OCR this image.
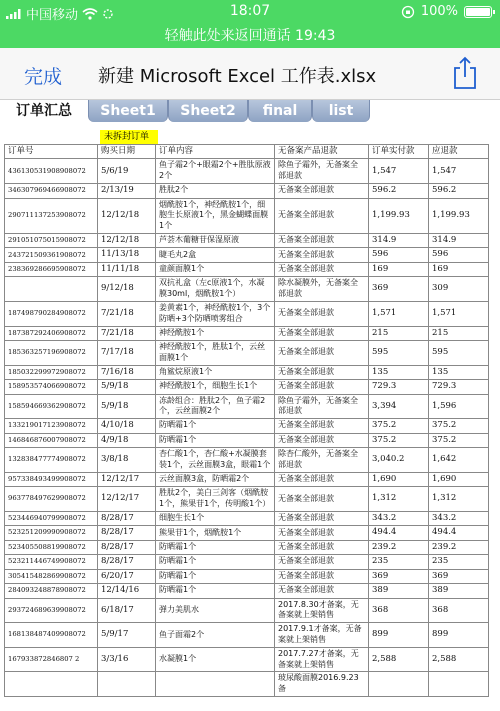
中国移动	18:07	100%
轻触此处来返回通话 19:43
完成 新建 Microsoft Excel 工作表.xlsx
订单汇总	Sheet1	Sheet2	final	list
未拆封订单
订单号	购买日期	订单内容	无备案产品退款	订单实付款	应退款
436130531908908072	5/6/19	鱼子霜2个+眼霜2个+胜肽原液2个	除鱼子霜外，无备案全部退款	1,547	1,547
346307969466908072	2/13/19	胜肽2个	无备案全部退款	596.2	596.2
290711137253908072	12/12/18	烟酰胺1个，神经酰胺1个，细胞生长原液1个，黑金蝴蝶面膜1个	无备案全部退款	1,199.93	1,199.93
291051075015908072	12/12/18	芦荟木葡糖苷保湿原液	无备案全部退款	314.9	314.9
243721509361908072	11/13/18	睫毛丸2盒	无备案全部退款	596	596
238369286695908072	11/11/18	童颜面膜1个	无备案全部退款	169	169
	9/12/18	双抗礼盒（左c原液1个，水凝膜30ml，烟酰胺1个）	除水凝膜外，无备案全部退款	369	309
187498790284908072	7/21/18	姜黄素1个，神经酰胺1个，3个防晒+3个防晒喷雾组合	无备案全部退款	1,571	1,571
187387292406908072	7/21/18	神经酰胺1个	无备案全部退款	215	215
185363257196908072	7/17/18	神经酰胺1个，胜肽1个，云丝面膜1个	无备案全部退款	595	595
185032299972908072	7/16/18	角鲨烷原液1个	无备案全部退款	135	135
158953574066908072	5/9/18	神经酰胺1个，细胞生长1个	无备案全部退款	729.3	729.3
158594669362908072	5/9/18	冻龄组合：胜肽2个，鱼子霜2个，云丝面膜2个	除鱼子霜外，无备案全部退款	3,394	1,596
133219017123908072	4/10/18	防晒霜1个	无备案全部退款	375.2	375.2
146846876007908072	4/9/18	防晒霜1个	无备案全部退款	375.2	375.2
132838477774908072	3/8/18	杏仁酸1个，杏仁酸+水凝膜套装1个，云丝面膜3盒，眼霜1个	除杏仁酸外，无备案全部退款	3,040.2	1,642
957338493499908072	12/12/17	云丝面膜3盒，防晒霜2个	无备案全部退款	1,690	1,690
963778497629908072	12/12/17	胜肽2个，美白三剑客（烟酰胺1个，熊果苷1个，传明酸1个）	无备案全部退款	1,312	1,312
523446940799908072	8/28/17	细胞生长1个	无备案全部退款	343.2	343.2
523251209990908072	8/28/17	熊果苷1个，烟酰胺1个	无备案全部退款	494.4	494.4
523405508819908072	8/28/17	防晒霜1个	无备案全部退款	239.2	239.2
523211446749908072	8/28/17	防晒霜1个	无备案全部退款	235	235
305415482869908072	6/20/17	防晒霜1个	无备案全部退款	369	369
284093248878908072	12/14/16	防晒霜1个	无备案全部退款	389	389
293724689639908072	6/18/17	弹力美肌水	2017.8.30才备案，无备案就上架销售	368	368
168138487409908072	5/9/17	鱼子面霜2个	2017.9.1才备案，无备案就上架销售	899	899
167933872846807 2	3/3/16	水凝膜1个	2017.7.27才备案，无备案就上架销售	2,588	2,588
			玻尿酸面膜2016.9.23备		
